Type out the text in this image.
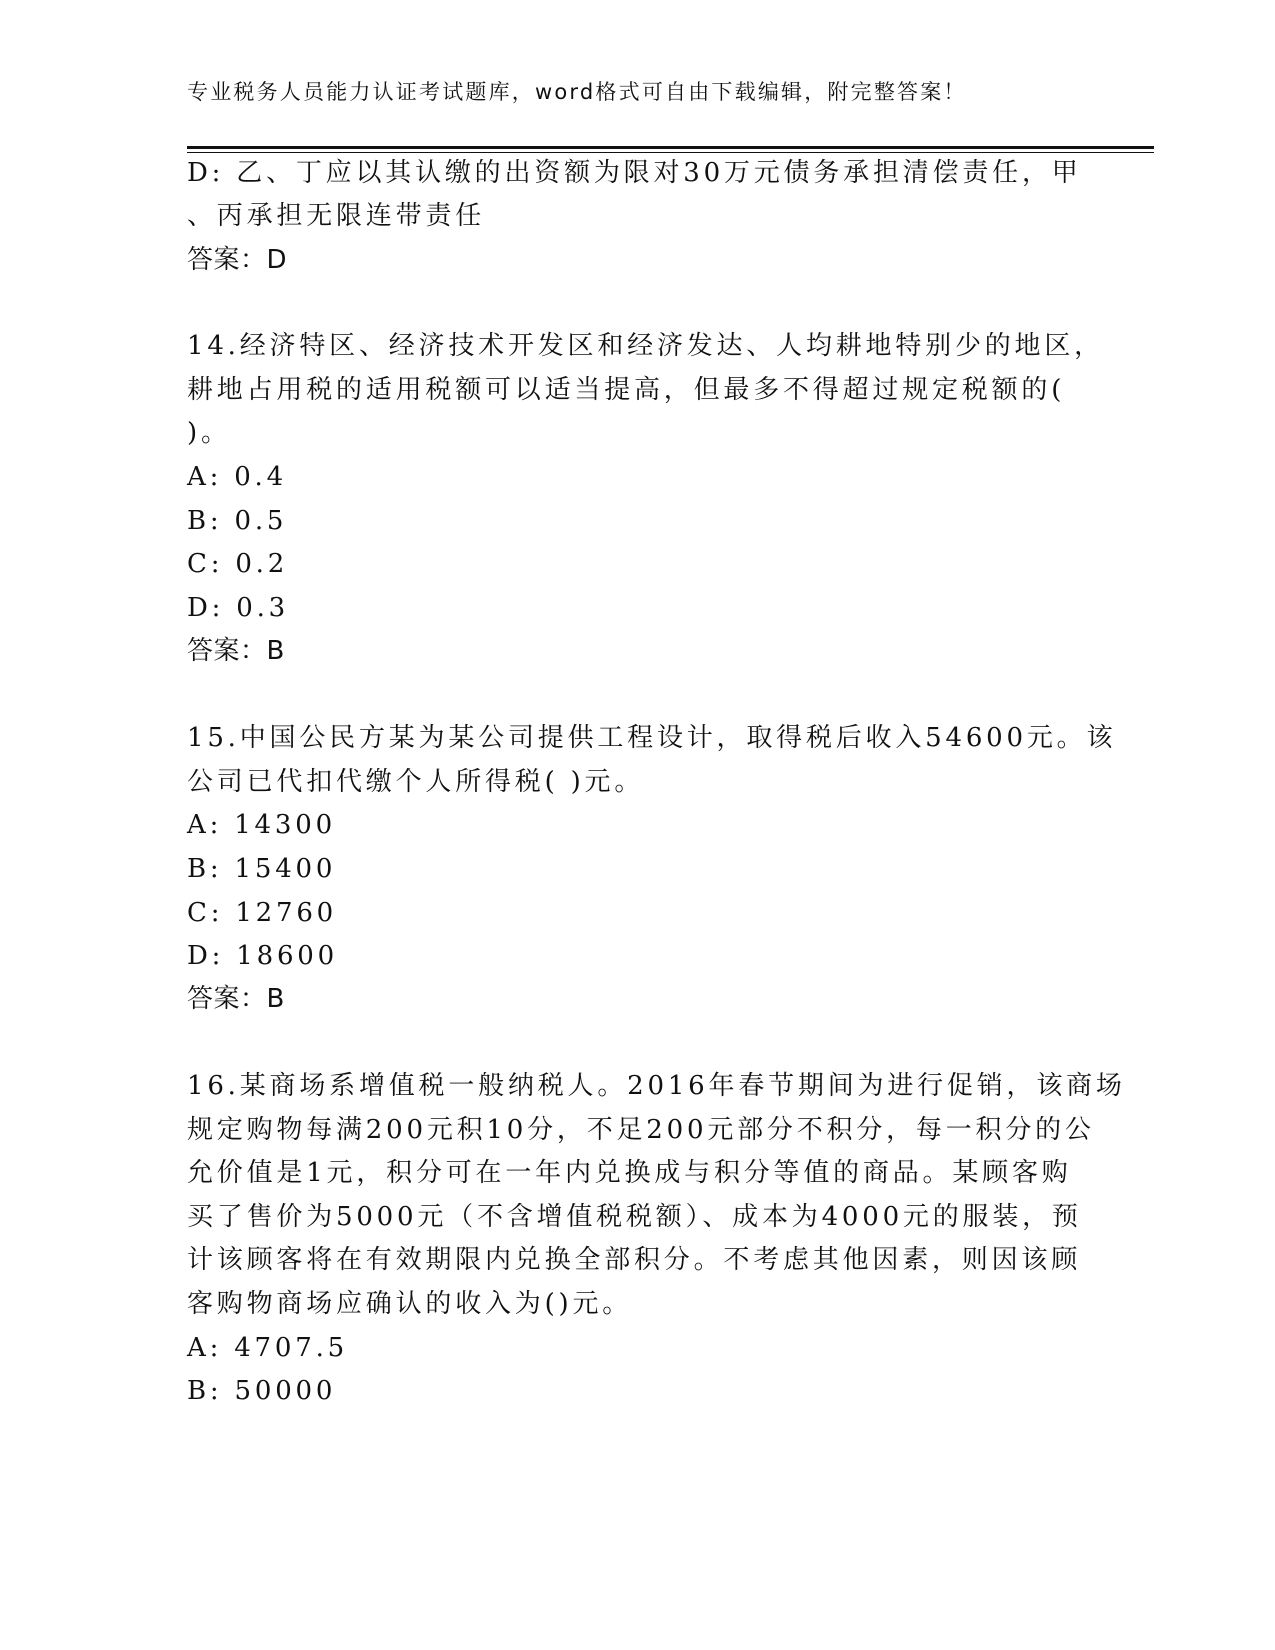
专业税务人员能力认证考试题库，word格式可自由下载编辑，附完整答案！
D: 乙、丁应以其认缴的出资额为限对30万元债务承担清偿责任，甲
、丙承担无限连带责任
答案：D
14.经济特区、经济技术开发区和经济发达、人均耕地特别少的地区，
耕地占用税的适用税额可以适当提高，但最多不得超过规定税额的(
)。
A: 0.4
B: 0.5
C: 0.2
D: 0.3
答案：B
15.中国公民方某为某公司提供工程设计，取得税后收入54600元。该
公司已代扣代缴个人所得税( )元。
A: 14300
B: 15400
C: 12760
D: 18600
答案：B
16.某商场系增值税一般纳税人。2016年春节期间为进行促销，该商场
规定购物每满200元积10分，不足200元部分不积分，每一积分的公
允价值是1元，积分可在一年内兑换成与积分等值的商品。某顾客购
买了售价为5000元（不含增值税税额）、成本为4000元的服装，预
计该顾客将在有效期限内兑换全部积分。不考虑其他因素，则因该顾
客购物商场应确认的收入为()元。
A: 4707.5
B: 50000
